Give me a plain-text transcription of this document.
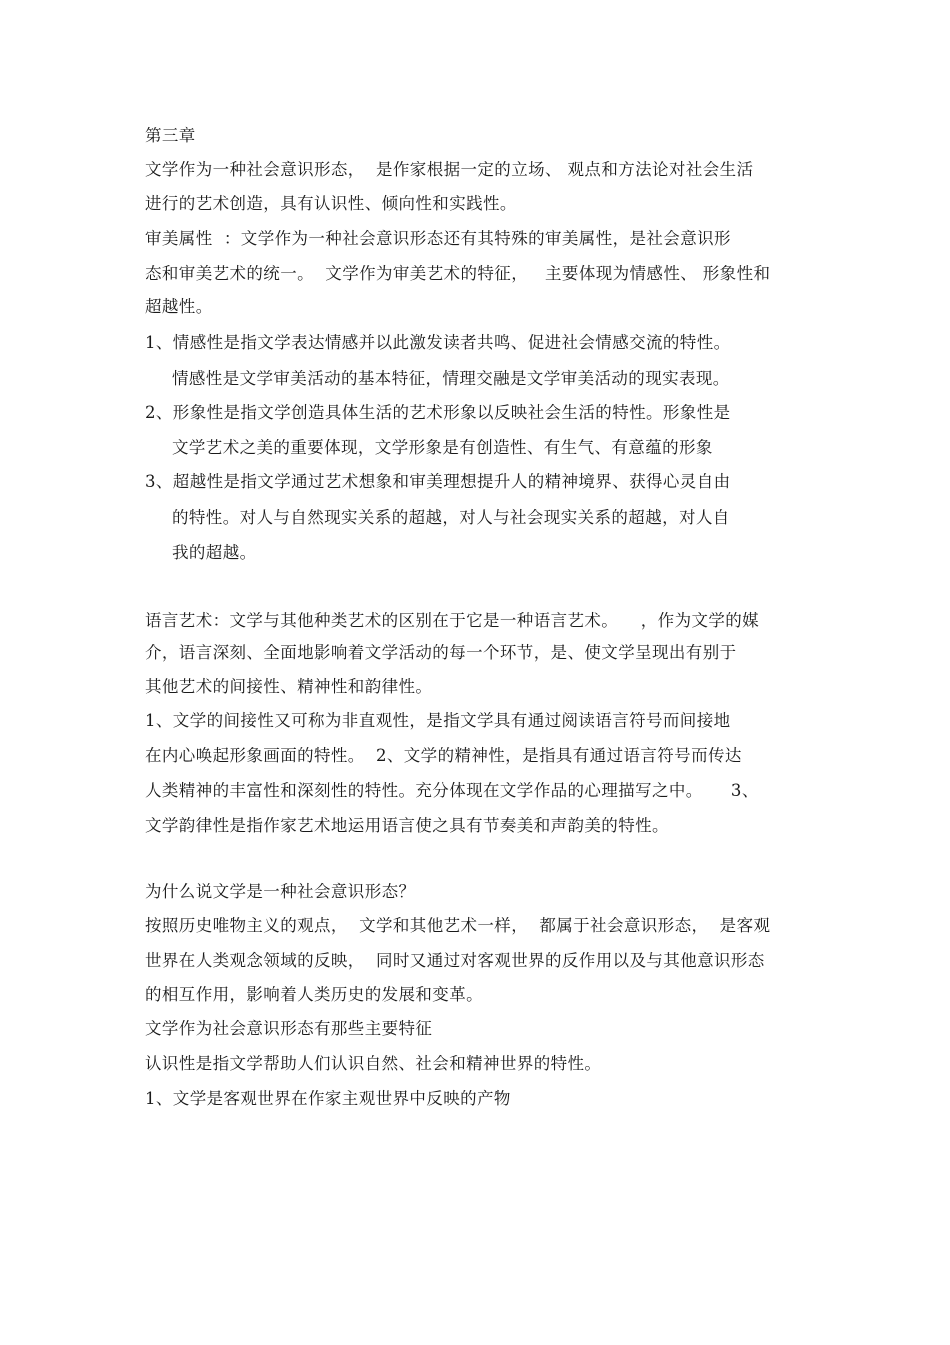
第三章
文学作为一种社会意识形态，  是作家根据一定的立场、 观点和方法论对社会生活
进行的艺术创造，具有认识性、倾向性和实践性。
审美属性  ：文学作为一种社会意识形态还有其特殊的审美属性，是社会意识形
态和审美艺术的统一。  文学作为审美艺术的特征，   主要体现为情感性、 形象性和
超越性。
1、情感性是指文学表达情感并以此激发读者共鸣、促进社会情感交流的特性。
情感性是文学审美活动的基本特征，情理交融是文学审美活动的现实表现。
2、形象性是指文学创造具体生活的艺术形象以反映社会生活的特性。形象性是
文学艺术之美的重要体现，文学形象是有创造性、有生气、有意蕴的形象
3、超越性是指文学通过艺术想象和审美理想提升人的精神境界、获得心灵自由
的特性。对人与自然现实关系的超越，对人与社会现实关系的超越，对人自
我的超越。
语言艺术：文学与其他种类艺术的区别在于它是一种语言艺术。    ，作为文学的媒
介，语言深刻、全面地影响着文学活动的每一个环节，是、使文学呈现出有别于
其他艺术的间接性、精神性和韵律性。
1、文学的间接性又可称为非直观性，是指文学具有通过阅读语言符号而间接地
在内心唤起形象画面的特性。  2、文学的精神性，是指具有通过语言符号而传达
人类精神的丰富性和深刻性的特性。充分体现在文学作品的心理描写之中。     3、
文学韵律性是指作家艺术地运用语言使之具有节奏美和声韵美的特性。
为什么说文学是一种社会意识形态？
按照历史唯物主义的观点，  文学和其他艺术一样，  都属于社会意识形态，  是客观
世界在人类观念领域的反映，  同时又通过对客观世界的反作用以及与其他意识形态
的相互作用，影响着人类历史的发展和变革。
文学作为社会意识形态有那些主要特征
认识性是指文学帮助人们认识自然、社会和精神世界的特性。
1、文学是客观世界在作家主观世界中反映的产物
